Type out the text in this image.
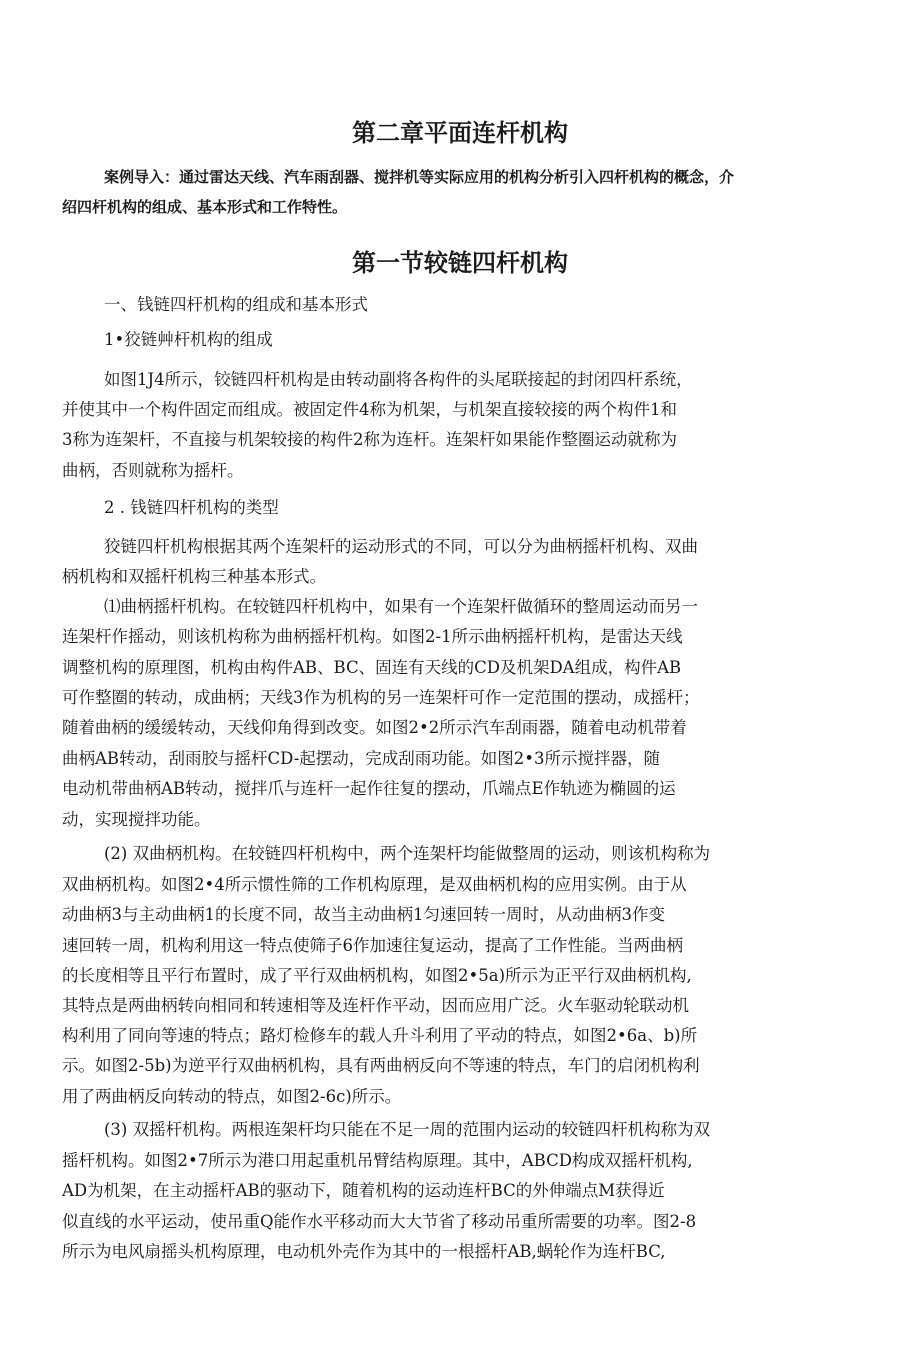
第二章平面连杆机构
案例导入：通过雷达天线、汽车雨刮器、搅拌机等实际应用的机构分析引入四杆机构的概念，介
绍四杆机构的组成、基本形式和工作特性。
第一节较链四杆机构
一、钱链四杆机构的组成和基本形式
1•狡链艸杆机构的组成
如图1J4所示，铰链四杆机构是由转动副将各构件的头尾联接起的封闭四杆系统，
并使其中一个构件固定而组成。被固定件4称为机架，与机架直接较接的两个构件1和
3称为连架杆，不直接与机架较接的构件2称为连杆。连架杆如果能作整圈运动就称为
曲柄，否则就称为摇杆。
2 . 钱链四杆机构的类型
狡链四杆机构根据其两个连架杆的运动形式的不同，可以分为曲柄摇杆机构、双曲
柄机构和双摇杆机构三种基本形式。
⑴曲柄摇杆机构。在较链四杆机构中，如果有一个连架杆做循环的整周运动而另一
连架杆作摇动，则该机构称为曲柄摇杆机构。如图2-1所示曲柄摇杆机构，是雷达天线
调整机构的原理图，机构由构件AB、BC、固连有天线的CD及机架DA组成，构件AB
可作整圈的转动，成曲柄；天线3作为机构的另一连架杆可作一定范围的摆动，成摇杆；
随着曲柄的缓缓转动，天线仰角得到改变。如图2•2所示汽车刮雨器，随着电动机带着
曲柄AB转动，刮雨胶与摇杆CD-起摆动，完成刮雨功能。如图2•3所示搅拌器，随
电动机带曲柄AB转动，搅拌爪与连杆一起作往复的摆动，爪端点E作轨迹为椭圆的运
动，实现搅拌功能。
(2) 双曲柄机构。在较链四杆机构中，两个连架杆均能做整周的运动，则该机构称为
双曲柄机构。如图2•4所示惯性筛的工作机构原理，是双曲柄机构的应用实例。由于从
动曲柄3与主动曲柄1的长度不同，故当主动曲柄1匀速回转一周时，从动曲柄3作变
速回转一周，机构利用这一特点使筛子6作加速往复运动，提高了工作性能。当两曲柄
的长度相等且平行布置时，成了平行双曲柄机构，如图2•5a)所示为正平行双曲柄机构,
其特点是两曲柄转向相同和转速相等及连杆作平动，因而应用广泛。火车驱动轮联动机
构利用了同向等速的特点；路灯检修车的载人升斗利用了平动的特点，如图2•6a、b)所
示。如图2-5b)为逆平行双曲柄机构，具有两曲柄反向不等速的特点，车门的启闭机构利
用了两曲柄反向转动的特点，如图2-6c)所示。
(3) 双摇杆机构。两根连架杆均只能在不足一周的范围内运动的较链四杆机构称为双
摇杆机构。如图2•7所示为港口用起重机吊臂结构原理。其中，ABCD构成双摇杆机构,
AD为机架，在主动摇杆AB的驱动下，随着机构的运动连杆BC的外伸端点M获得近
似直线的水平运动，使吊重Q能作水平移动而大大节省了移动吊重所需要的功率。图2-8
所示为电风扇摇头机构原理，电动机外壳作为其中的一根摇杆AB,蜗轮作为连杆BC,
